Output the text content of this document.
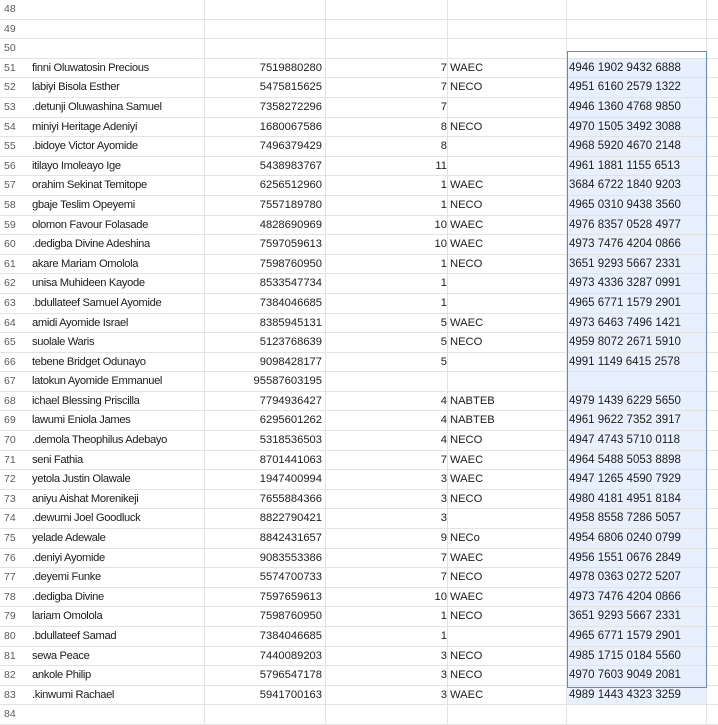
48
49
50
51	finni Oluwatosin Precious	7519880280	7 WAEC	4946 1902 9432 6888
52	labiyi Bisola Esther	5475815625	7 NECO	4951 6160 2579 1322
53	.detunji Oluwashina Samuel	7358272296	7	4946 1360 4768 9850
54	miniyi Heritage Adeniyi	1680067586	8 NECO	4970 1505 3492 3088
55	.bidoye Victor Ayomide	7496379429	8	4968 5920 4670 2148
56	itilayo Imoleayo Ige	5438983767	11	4961 1881 1155 6513
57	orahim Sekinat Temitope	6256512960	1 WAEC	3684 6722 1840 9203
58	gbaje Teslim Opeyemi	7557189780	1 NECO	4965 0310 9438 3560
59	olomon Favour Folasade	4828690969	10 WAEC	4976 8357 0528 4977
60	.dedigba Divine Adeshina	7597059613	10 WAEC	4973 7476 4204 0866
61	akare Mariam Omolola	7598760950	1 NECO	3651 9293 5667 2331
62	unisa Muhideen Kayode	8533547734	1	4973 4336 3287 0991
63	.bdullateef Samuel Ayomide	7384046685	1	4965 6771 1579 2901
64	amidi Ayomide Israel	8385945131	5 WAEC	4973 6463 7496 1421
65	suolale Waris	5123768639	5 NECO	4959 8072 2671 5910
66	tebene Bridget Odunayo	9098428177	5	4991 1149 6415 2578
67	latokun Ayomide Emmanuel	95587603195
68	ichael Blessing Priscilla	7794936427	4 NABTEB	4979 1439 6229 5650
69	lawumi Eniola James	6295601262	4 NABTEB	4961 9622 7352 3917
70	.demola Theophilus Adebayo	5318536503	4 NECO	4947 4743 5710 0118
71	seni Fathia	8701441063	7 WAEC	4964 5488 5053 8898
72	yetola Justin Olawale	1947400994	3 WAEC	4947 1265 4590 7929
73	aniyu Aishat Morenikeji	7655884366	3 NECO	4980 4181 4951 8184
74	.dewumi Joel Goodluck	8822790421	3	4958 8558 7286 5057
75	yelade Adewale	8842431657	9 NECo	4954 6806 0240 0799
76	.deniyi Ayomide	9083553386	7 WAEC	4956 1551 0676 2849
77	.deyemi Funke	5574700733	7 NECO	4978 0363 0272 5207
78	.dedigba Divine	7597659613	10 WAEC	4973 7476 4204 0866
79	lariam Omolola	7598760950	1 NECO	3651 9293 5667 2331
80	.bdullateef Samad	7384046685	1	4965 6771 1579 2901
81	sewa Peace	7440089203	3 NECO	4985 1715 0184 5560
82	ankole Philip	5796547178	3 NECO	4970 7603 9049 2081
83	.kinwumi Rachael	5941700163	3 WAEC	4989 1443 4323 3259
84
